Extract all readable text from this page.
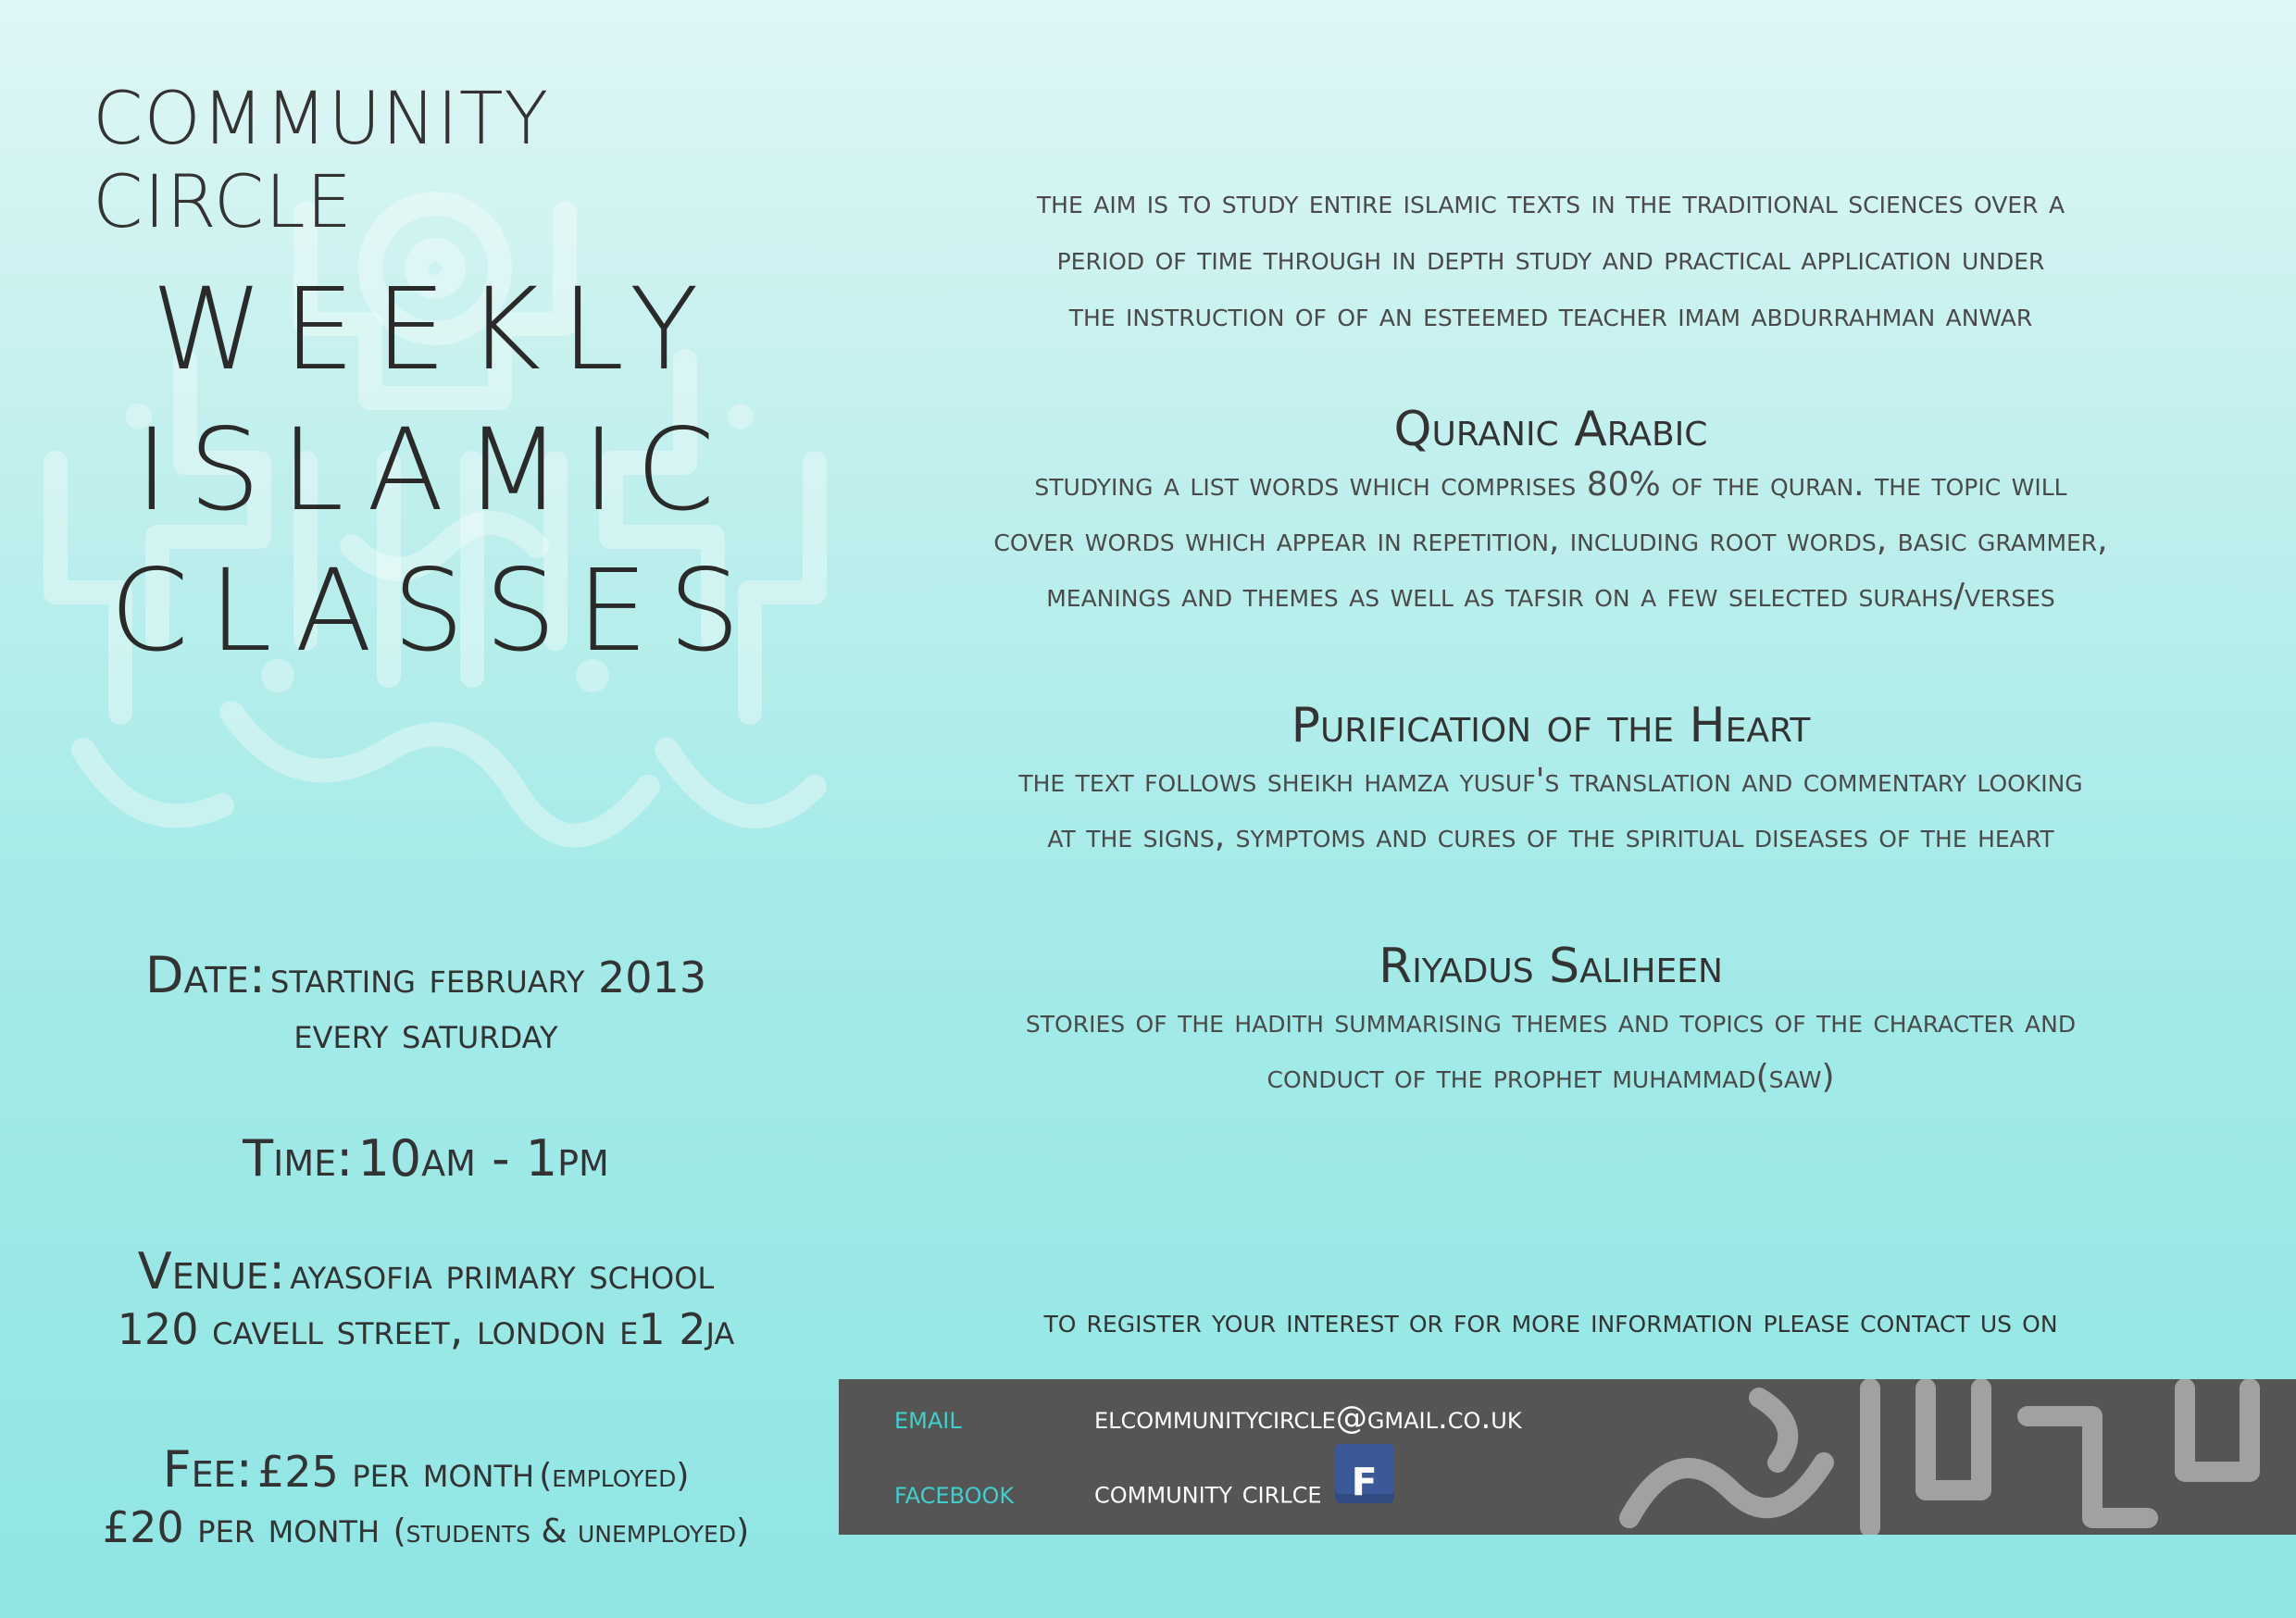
COMMUNITY CIRCLE
WEEKLY
ISLAMIC
CLASSES
Date: starting february 2013
every saturday
Time: 10am - 1pm
Venue: ayasofia primary school
120 cavell street, london e1 2ja
Fee: £25 per month (employed)
£20 per month (students & unemployed)
the aim is to study entire islamic texts in the traditional sciences over a
period of time through in depth study and practical application under
the instruction of of an esteemed teacher imam abdurrahman anwar
Quranic Arabic
studying a list words which comprises 80% of the quran. the topic will
cover words which appear in repetition, including root words, basic grammer,
meanings and themes as well as tafsir on a few selected surahs/verses
Purification of the Heart
the text follows sheikh hamza yusuf's translation and commentary looking
at the signs, symptoms and cures of the spiritual diseases of the heart
Riyadus Saliheen
stories of the hadith summarising themes and topics of the character and
conduct of the prophet muhammad(saw)
to register your interest or for more information please contact us on
email	elcommunitycircle@gmail.co.uk
facebook	community cirlce f
